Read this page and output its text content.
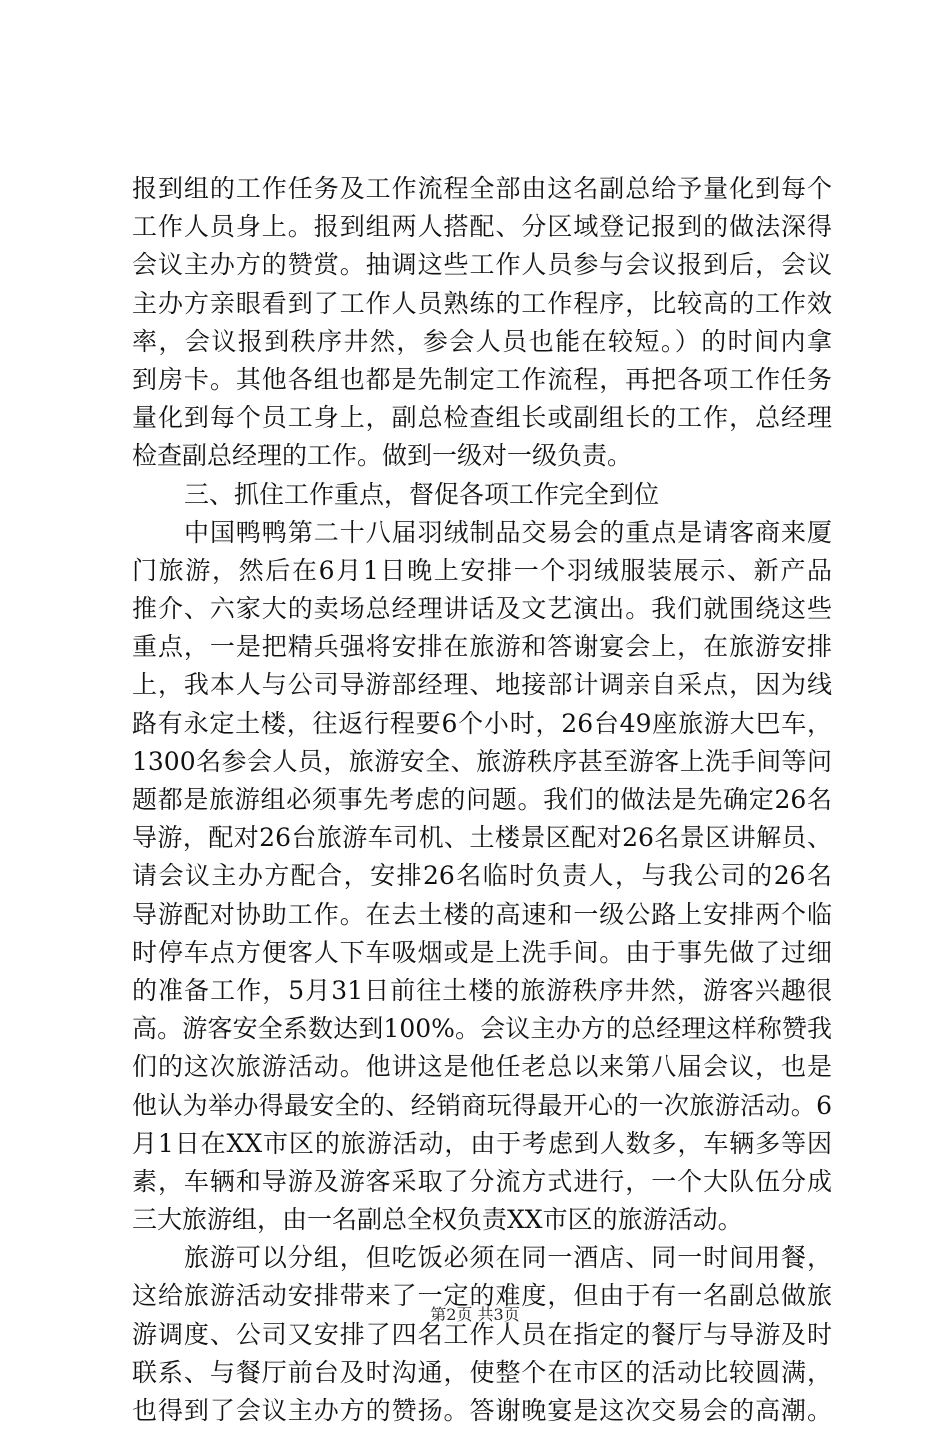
报到组的工作任务及工作流程全部由这名副总给予量化到每个
工作人员身上。报到组两人搭配、分区域登记报到的做法深得
会议主办方的赞赏。抽调这些工作人员参与会议报到后，会议
主办方亲眼看到了工作人员熟练的工作程序，比较高的工作效
率，会议报到秩序井然，参会人员也能在较短。）的时间内拿
到房卡。其他各组也都是先制定工作流程，再把各项工作任务
量化到每个员工身上，副总检查组长或副组长的工作，总经理
检查副总经理的工作。做到一级对一级负责。
三、抓住工作重点，督促各项工作完全到位
中国鸭鸭第二十八届羽绒制品交易会的重点是请客商来厦
门旅游，然后在6月1日晚上安排一个羽绒服装展示、新产品
推介、六家大的卖场总经理讲话及文艺演出。我们就围绕这些
重点，一是把精兵强将安排在旅游和答谢宴会上，在旅游安排
上，我本人与公司导游部经理、地接部计调亲自采点，因为线
路有永定土楼，往返行程要6个小时，26台49座旅游大巴车，
1300名参会人员，旅游安全、旅游秩序甚至游客上洗手间等问
题都是旅游组必须事先考虑的问题。我们的做法是先确定26名
导游，配对26台旅游车司机、土楼景区配对26名景区讲解员、
请会议主办方配合，安排26名临时负责人，与我公司的26名
导游配对协助工作。在去土楼的高速和一级公路上安排两个临
时停车点方便客人下车吸烟或是上洗手间。由于事先做了过细
的准备工作，5月31日前往土楼的旅游秩序井然，游客兴趣很
高。游客安全系数达到100%。会议主办方的总经理这样称赞我
们的这次旅游活动。他讲这是他任老总以来第八届会议，也是
他认为举办得最安全的、经销商玩得最开心的一次旅游活动。6
月1日在XX市区的旅游活动，由于考虑到人数多，车辆多等因
素，车辆和导游及游客采取了分流方式进行，一个大队伍分成
三大旅游组，由一名副总全权负责XX市区的旅游活动。
旅游可以分组，但吃饭必须在同一酒店、同一时间用餐，
这给旅游活动安排带来了一定的难度，但由于有一名副总做旅
游调度、公司又安排了四名工作人员在指定的餐厅与导游及时
联系、与餐厅前台及时沟通，使整个在市区的活动比较圆满，
也得到了会议主办方的赞扬。答谢晚宴是这次交易会的高潮。
第2页 共3页
